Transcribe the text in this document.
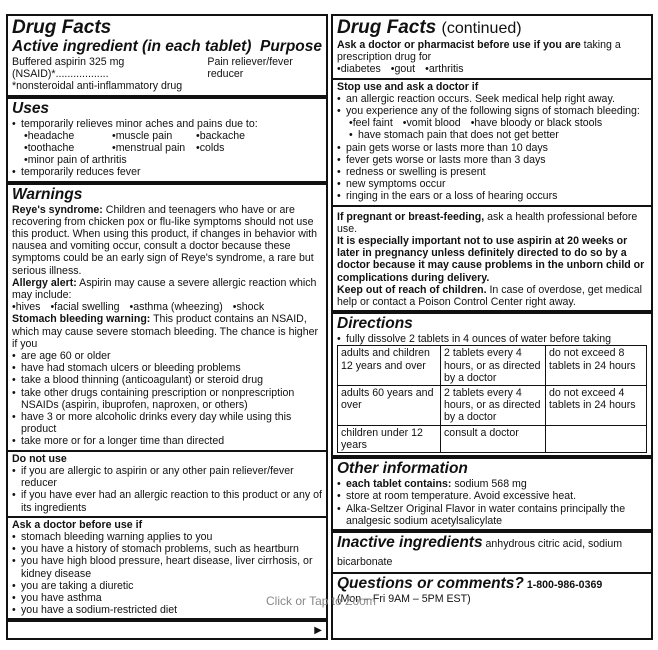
Drug Facts
Active ingredient (in each tablet) Purpose
Buffered aspirin 325 mg (NSAID)*..................
Pain reliever/fever reducer
*nonsteroidal anti-inflammatory drug
Uses
• temporarily relieves minor aches and pains due to:
• headache	• muscle pain	• backache
• toothache	• menstrual pain	• colds
• minor pain of arthritis
• temporarily reduces fever
Warnings
Reye's syndrome: Children and teenagers who have or are recovering from chicken pox or flu-like symptoms should not use this product. When using this product, if changes in behavior with nausea and vomiting occur, consult a doctor because these symptoms could be an early sign of Reye's syndrome, a rare but serious illness.
Allergy alert: Aspirin may cause a severe allergic reaction which may include:
• hives	• facial swelling	• asthma (wheezing)	• shock
Stomach bleeding warning: This product contains an NSAID, which may cause severe stomach bleeding. The chance is higher if you
• are age 60 or older
• have had stomach ulcers or bleeding problems
• take a blood thinning (anticoagulant) or steroid drug
• take other drugs containing prescription or nonprescription NSAIDs (aspirin, ibuprofen, naproxen, or others)
• have 3 or more alcoholic drinks every day while using this product
• take more or for a longer time than directed
Do not use
• if you are allergic to aspirin or any other pain reliever/fever reducer
• if you have ever had an allergic reaction to this product or any of its ingredients
Ask a doctor before use if
• stomach bleeding warning applies to you
• you have a history of stomach problems, such as heartburn
• you have high blood pressure, heart disease, liver cirrhosis, or kidney disease
• you are taking a diuretic
• you have asthma
• you have a sodium-restricted diet
▶
Drug Facts (continued)
Ask a doctor or pharmacist before use if you are taking a prescription drug for
• diabetes	• gout	• arthritis
Stop use and ask a doctor if
• an allergic reaction occurs. Seek medical help right away.
• you experience any of the following signs of stomach bleeding:
• feel faint	• vomit blood	• have bloody or black stools
• have stomach pain that does not get better
• pain gets worse or lasts more than 10 days
• fever gets worse or lasts more than 3 days
• redness or swelling is present
• new symptoms occur
• ringing in the ears or a loss of hearing occurs
If pregnant or breast-feeding, ask a health professional before use.
It is especially important not to use aspirin at 20 weeks or later in pregnancy unless definitely directed to do so by a doctor because it may cause problems in the unborn child or complications during delivery.
Keep out of reach of children. In case of overdose, get medical help or contact a Poison Control Center right away.
Directions
• fully dissolve 2 tablets in 4 ounces of water before taking
adults and children 12 years and over	2 tablets every 4 hours, or as directed by a doctor	do not exceed 8 tablets in 24 hours
adults 60 years and over	2 tablets every 4 hours, or as directed by a doctor	do not exceed 4 tablets in 24 hours
children under 12 years	consult a doctor	
Other information
• each tablet contains: sodium 568 mg
• store at room temperature. Avoid excessive heat.
• Alka-Seltzer Original Flavor in water contains principally the analgesic sodium acetylsalicylate
Inactive ingredients anhydrous citric acid, sodium bicarbonate
Questions or comments? 1-800-986-0369
(Mon – Fri 9AM – 5PM EST)
Click or Tap to Zoom
